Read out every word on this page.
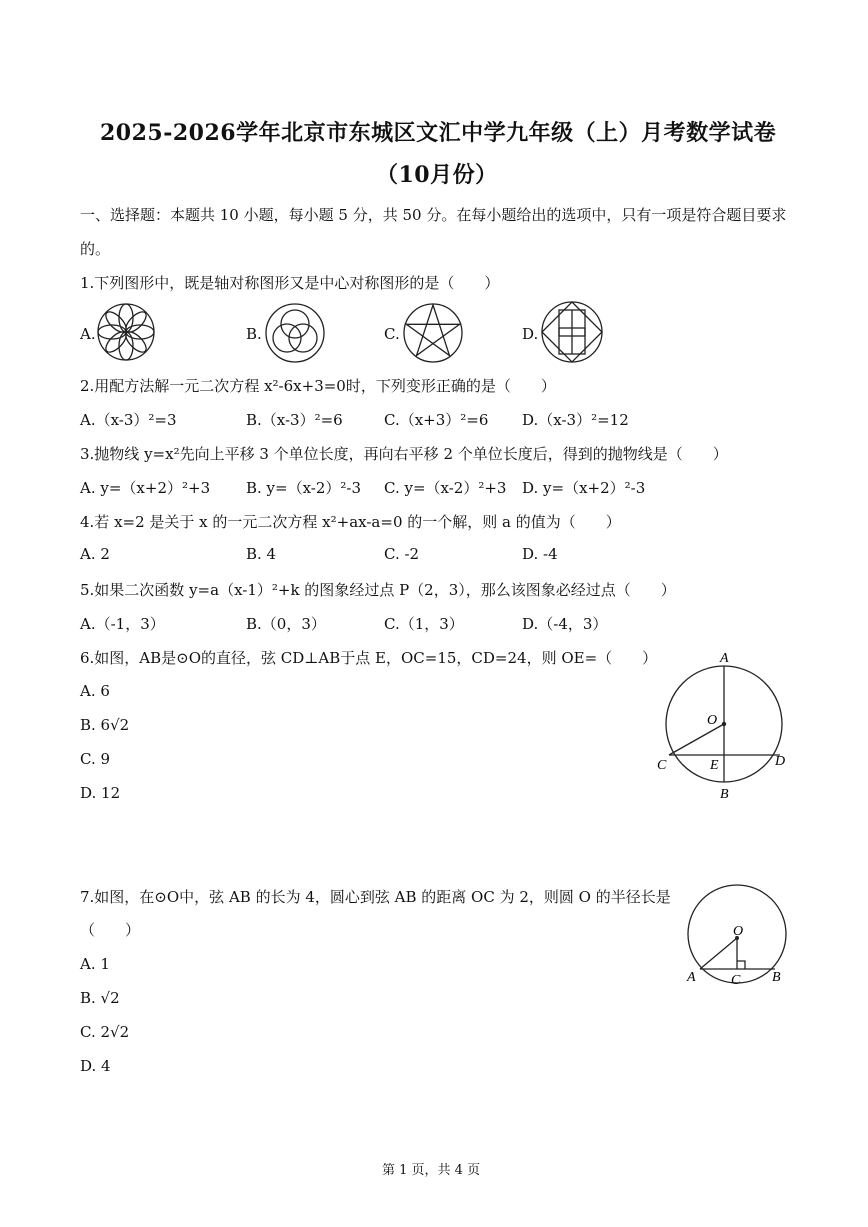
2025-2026学年北京市东城区文汇中学九年级（上）月考数学试卷
（10月份）
一、选择题：本题共 10 小题，每小题 5 分，共 50 分。在每小题给出的选项中，只有一项是符合题目要求
的。
1.下列图形中，既是轴对称图形又是中心对称图形的是（　　）
A.	B.	C.	D.
2.用配方法解一元二次方程 x²-6x+3=0时，下列变形正确的是（　　）
A.（x-3）²=3	B.（x-3）²=6	C.（x+3）²=6 D.（x-3）²=12
3.抛物线 y=x²先向上平移 3 个单位长度，再向右平移 2 个单位长度后，得到的抛物线是（　　）
A. y=（x+2）²+3 B. y=（x-2）²-3 C. y=（x-2）²+3 D. y=（x+2）²-3
4.若 x=2 是关于 x 的一元二次方程 x²+ax-a=0 的一个解，则 a 的值为（　　）
A. 2	B. 4	C. -2	D. -4
5.如果二次函数 y=a（x-1）²+k 的图象经过点 P（2，3），那么该图象必经过点（　　）
A.（-1，3）	B.（0，3）	C.（1，3）	D.（-4，3）
6.如图，AB是⊙O的直径，弦 CD⊥AB于点 E，OC=15，CD=24，则 OE=（　　）
A. 6
B. 6√2
C. 9
D. 12
A
O
C	E	D
B
7.如图，在⊙O中，弦 AB 的长为 4，圆心到弦 AB 的距离 OC 为 2，则圆 O 的半径长是
（　　）
A. 1
B. √2
C. 2√2
D. 4
O
A	C B
第 1 页，共 4 页
